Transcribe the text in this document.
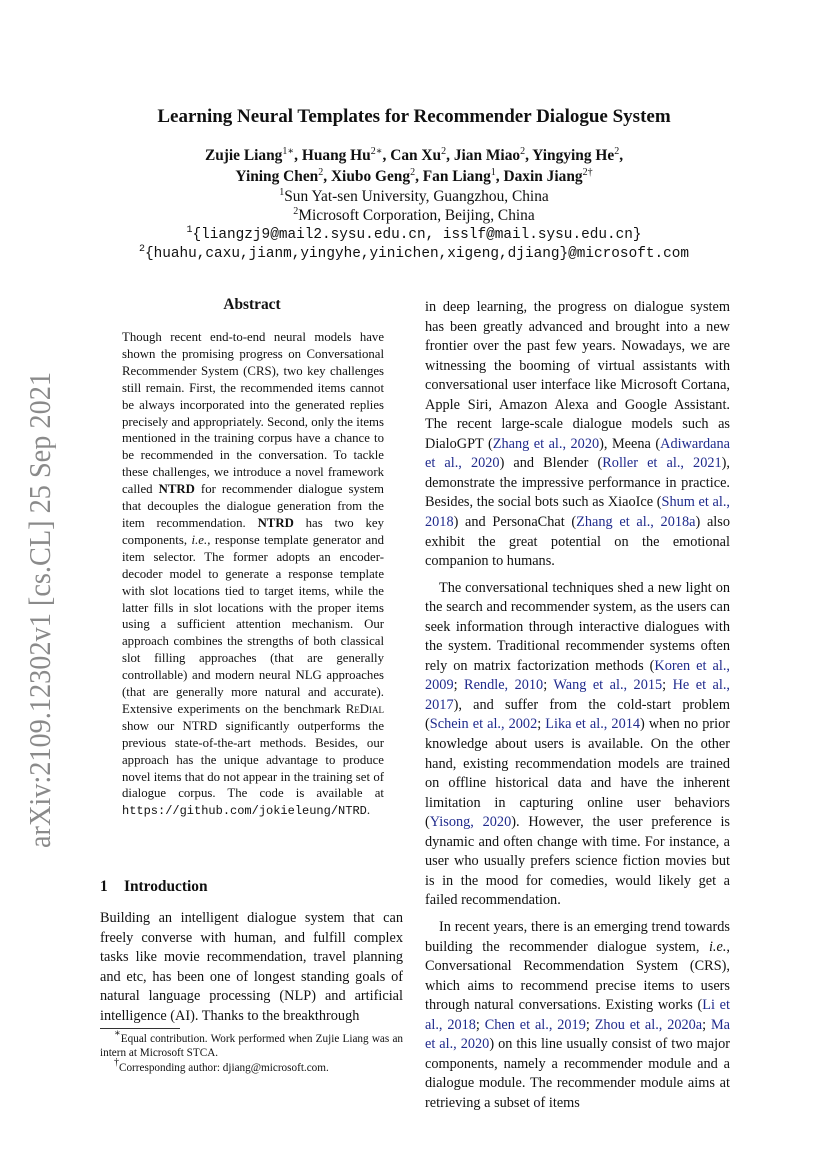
arXiv:2109.12302v1 [cs.CL] 25 Sep 2021
Learning Neural Templates for Recommender Dialogue System
Zujie Liang$^{1∗}$, Huang $Hu^{2∗}$, Can Xu$^2$, Jian Miao$^2$, Yingying He$^2$,
Yining Chen$^2$, Xiubo Geng$^2$, Fan Liang$^1$, Daxin Jiang$^{2\dagger}$
$^1$Sun Yat-sen University, Guangzhou, China
$^2$Microsoft Corporation, Beijing, China
$^1${liangzj9@mail2.sysu.edu.cn, isslf@mail.sysu.edu.cn}
$^2${huahu,caxu,jianm,yingyhe,yinichen,xigeng,djiang}@microsoft.com
Abstract

Though recent end-to-end neural models have shown the promising progress on Conversational Recommender System (CRS), two key challenges still remain. First, the recommended items cannot be always incorporated into the generated replies precisely and appropriately. Second, only the items mentioned in the training corpus have a chance to be recommended in the conversation. To tackle these challenges, we introduce a novel framework called NTRD for recommender dialogue system that decouples the dialogue generation from the item recommendation. NTRD has two key components, i.e., response template generator and item selector. The former adopts an encoder-decoder model to generate a response template with slot locations tied to target items, while the latter fills in slot locations with the proper items using a sufficient attention mechanism. Our approach combines the strengths of both classical slot filling approaches (that are generally controllable) and modern neural NLG approaches (that are generally more natural and accurate). Extensive experiments on the benchmark ReDial show our NTRD significantly outperforms the previous state-of-the-art methods. Besides, our approach has the unique advantage to produce novel items that do not appear in the training set of dialogue corpus. The code is available at https://github.com/jokieleung/NTRD.

1 Introduction

Building an intelligent dialogue system that can freely converse with human, and fulfill complex tasks like movie recommendation, travel planning and etc, has been one of longest standing goals of natural language processing (NLP) and artificial intelligence (AI). Thanks to the breakthrough

∗Equal contribution. Work performed when Zujie Liang was an intern at Microsoft STCA.
†Corresponding author: djiang@microsoft.com.

in deep learning, the progress on dialogue system has been greatly advanced and brought into a new frontier over the past few years. Nowadays, we are witnessing the booming of virtual assistants with conversational user interface like Microsoft Cortana, Apple Siri, Amazon Alexa and Google Assistant. The recent large-scale dialogue models such as DialoGPT (Zhang et al., 2020), Meena (Adiwardana et al., 2020) and Blender (Roller et al., 2021), demonstrate the impressive performance in practice. Besides, the social bots such as XiaoIce (Shum et al., 2018) and PersonaChat (Zhang et al., 2018a) also exhibit the great potential on the emotional companion to humans.

The conversational techniques shed a new light on the search and recommender system, as the users can seek information through interactive dialogues with the system. Traditional recommender systems often rely on matrix factorization methods (Koren et al., 2009; Rendle, 2010; Wang et al., 2015; He et al., 2017), and suffer from the cold-start problem (Schein et al., 2002; Lika et al., 2014) when no prior knowledge about users is available. On the other hand, existing recommendation models are trained on offline historical data and have the inherent limitation in capturing online user behaviors (Yisong, 2020). However, the user preference is dynamic and often change with time. For instance, a user who usually prefers science fiction movies but is in the mood for comedies, would likely get a failed recommendation.

In recent years, there is an emerging trend towards building the recommender dialogue system, i.e., Conversational Recommendation System (CRS), which aims to recommend precise items to users through natural conversations. Existing works (Li et al., 2018; Chen et al., 2019; Zhou et al., 2020a; Ma et al., 2020) on this line usually consist of two major components, namely a recommender module and a dialogue module. The recommender module aims at retrieving a subset of items
